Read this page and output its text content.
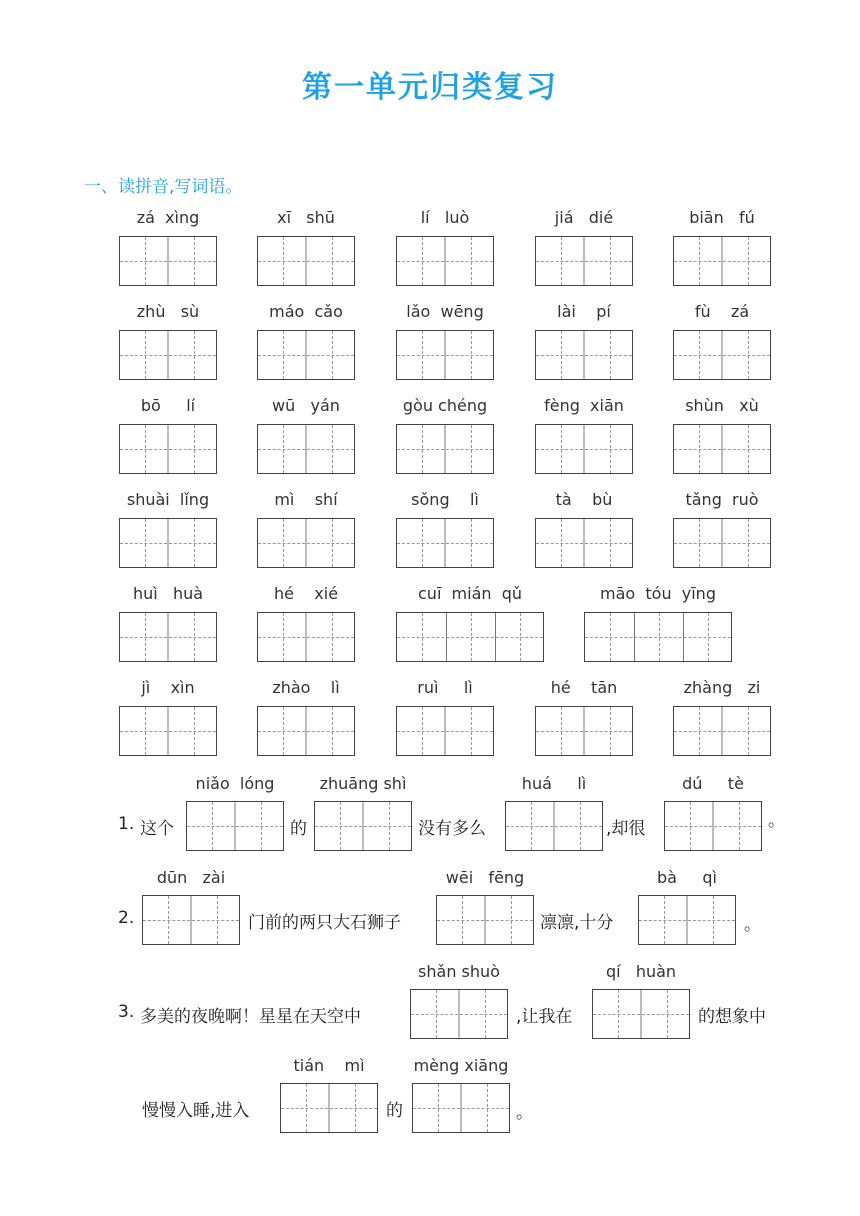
第一单元归类复习
一、读拼音,写词语。
zá  xìng	xī   shū	lí   luò	jiá   dié	biān   fú
zhù   sù	máo  cǎo	lǎo  wēng	lài    pí	fù    zá
bō     lí	wū   yán	gòu chéng	fèng  xiān	shùn   xù
shuài  lǐng	mì    shí	sǒng    lì	tà    bù	tǎng  ruò
huì   huà	hé    xié	cuī  mián  qǔ	māo  tóu  yīng
jì    xìn	zhào    lì	ruì     lì	hé    tān	zhàng   zi
niǎo  lóng	zhuāng shì	huá     lì	dú     tè
1. 这个	的	没有多么	,却很	。
dūn   zài	wēi   fēng	bà     qì
2.	门前的两只大石狮子	凛凛,十分	。
shǎn shuò	qí   huàn
3. 多美的夜晚啊！星星在天空中	,让我在	的想象中
tián    mì	mèng xiāng
慢慢入睡,进入	的	。
